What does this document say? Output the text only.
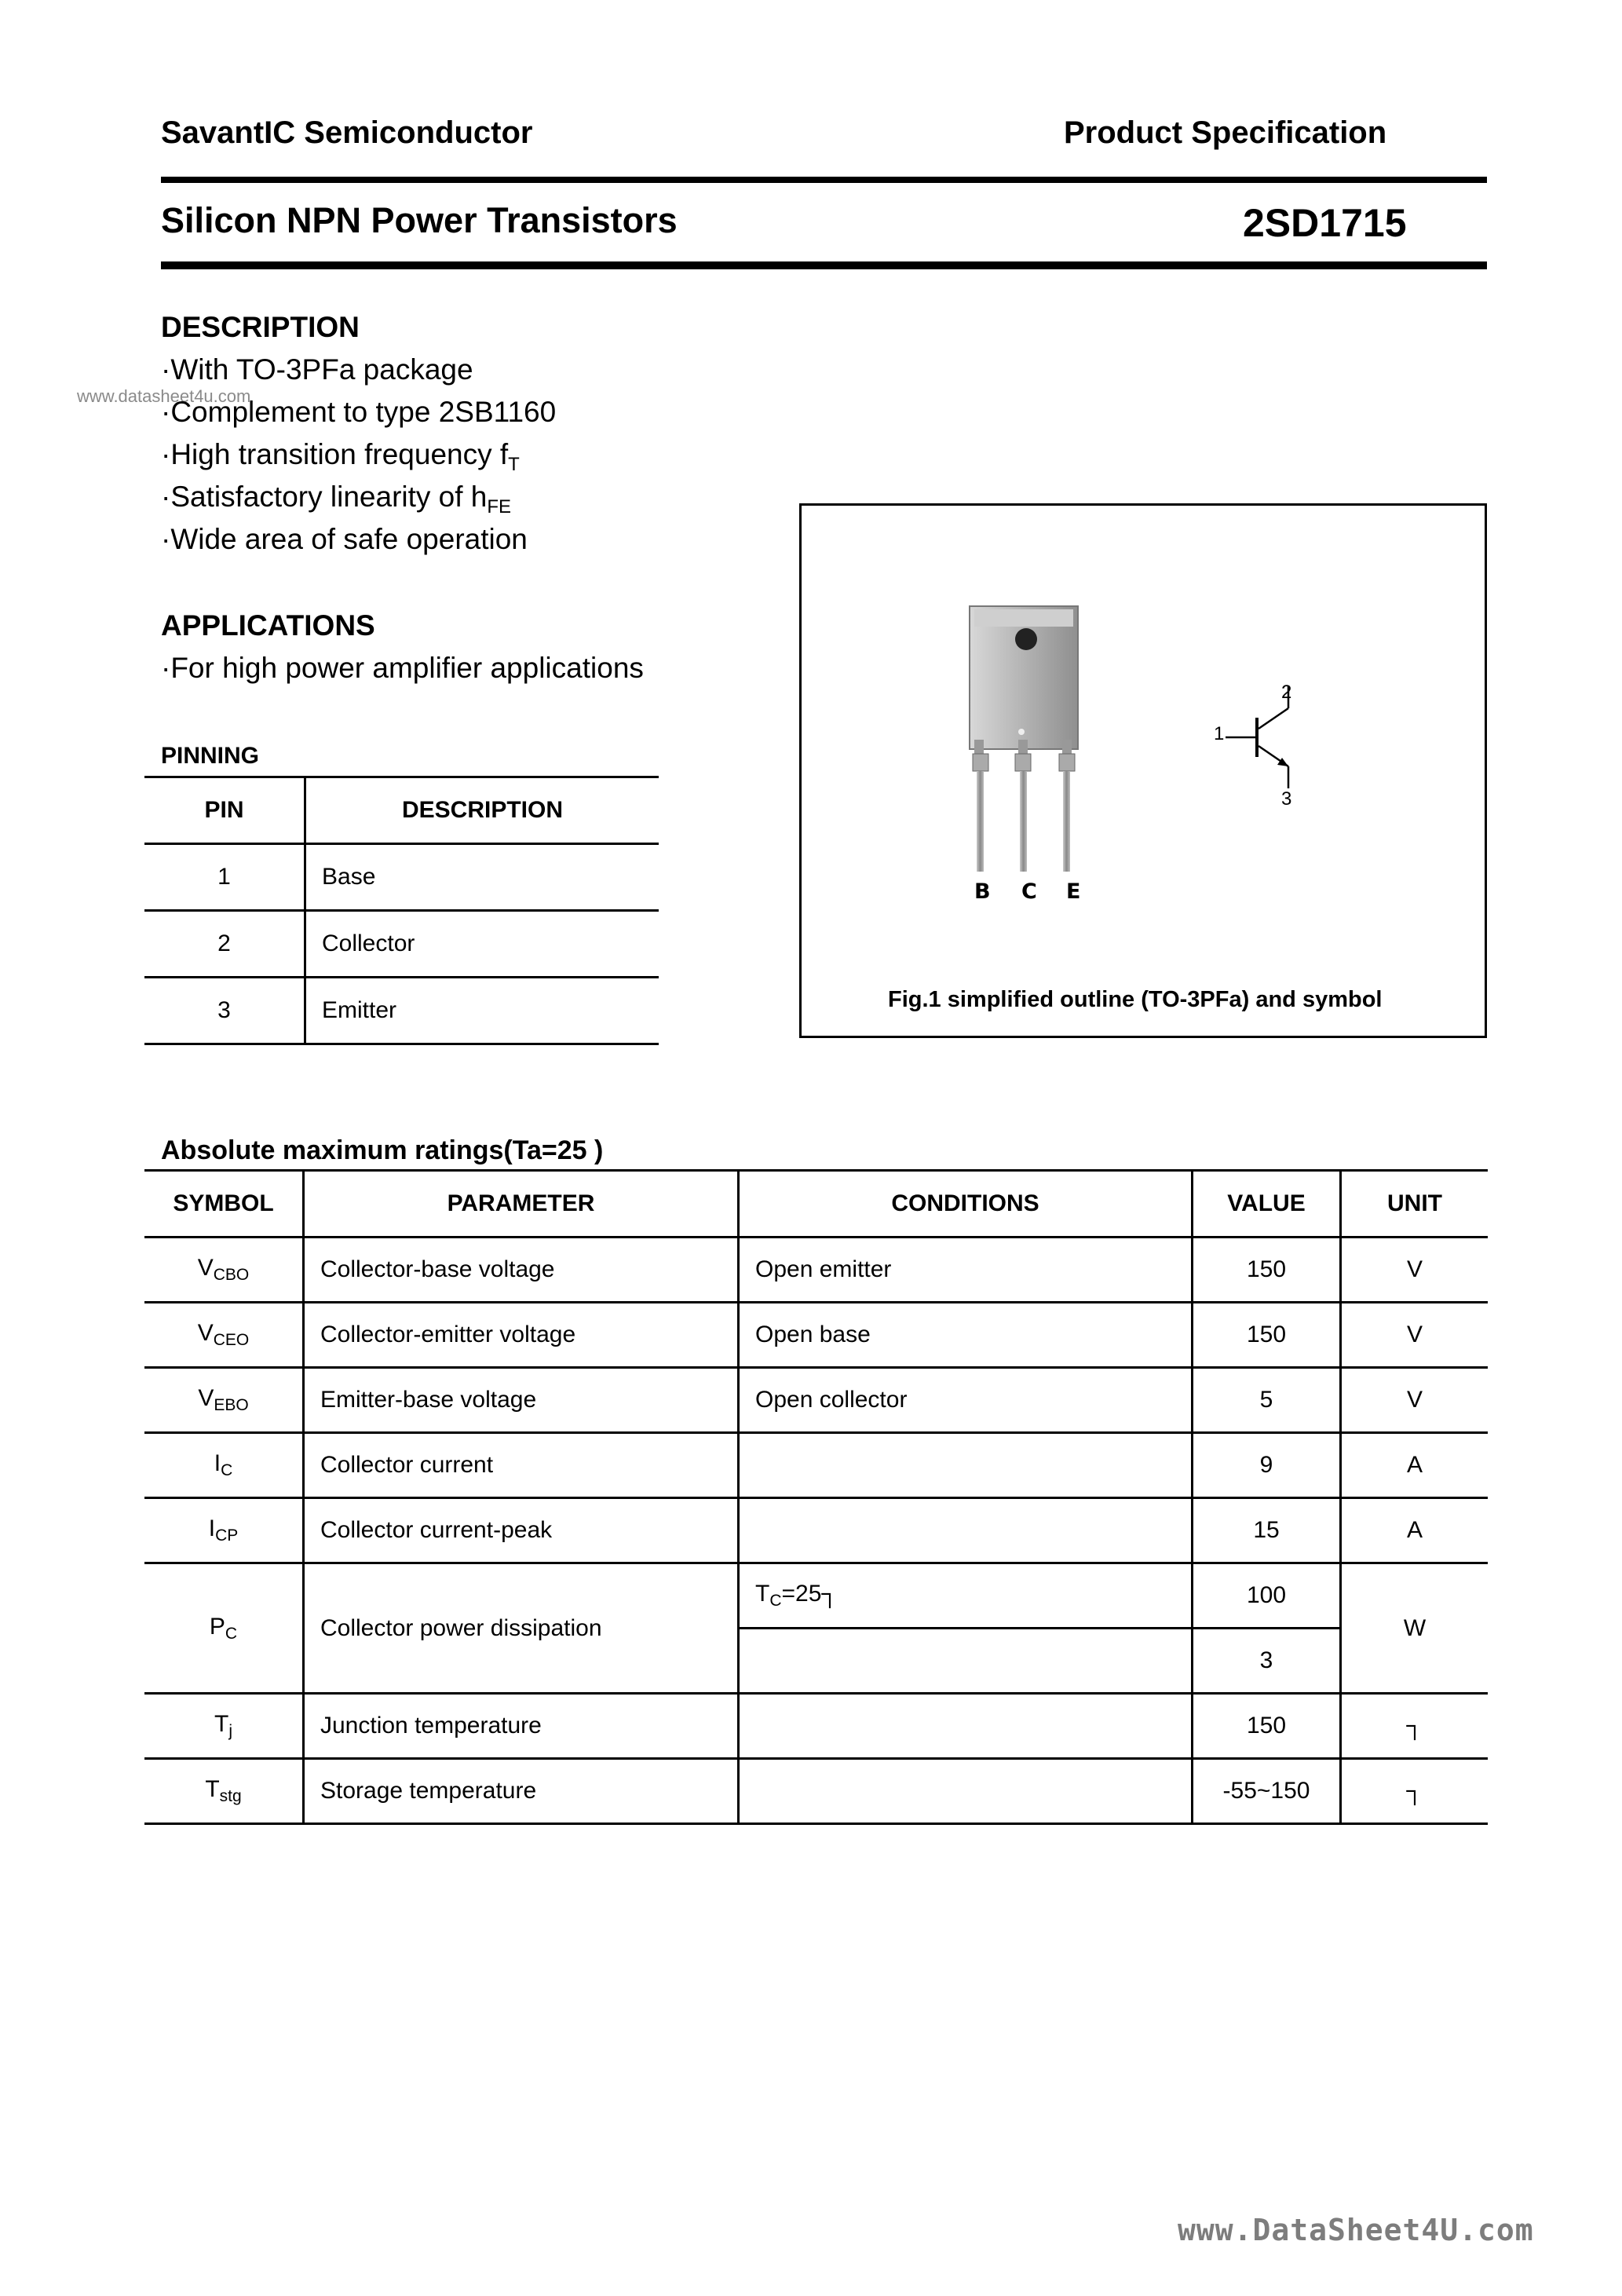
SavantIC Semiconductor	Product Specification
Silicon NPN Power Transistors	2SD1715
www.datasheet4u.com
DESCRIPTION
·With TO-3PFa package
·Complement to type 2SB1160
·High transition frequency $f_T$
·Satisfactory linearity of $h_{FE}$
·Wide area of safe operation
APPLICATIONS
·For high power amplifier applications
PINNING
PIN	DESCRIPTION
1	Base
2	Collector
3	Emitter
B C E
1
2
3
Fig.1 simplified outline (TO-3PFa) and symbol
Absolute maximum ratings(Ta=25 )
SYMBOL	PARAMETER	CONDITIONS	VALUE	UNIT
$V_{CBO}$	Collector-base voltage	Open emitter	150	V
$V_{CEO}$	Collector-emitter voltage	Open base	150	V
$V_{EBO}$	Emitter-base voltage	Open collector	5	V
$I_C$	Collector current		9	A
$I_{CP}$	Collector current-peak		15	A
$P_C$	Collector power dissipation	$T_C=25┐$	100	W
			3	
$T_j$	Junction temperature		150	┐
$T_{stg}$	Storage temperature		-55~150	┐
www.DataSheet4U.com
